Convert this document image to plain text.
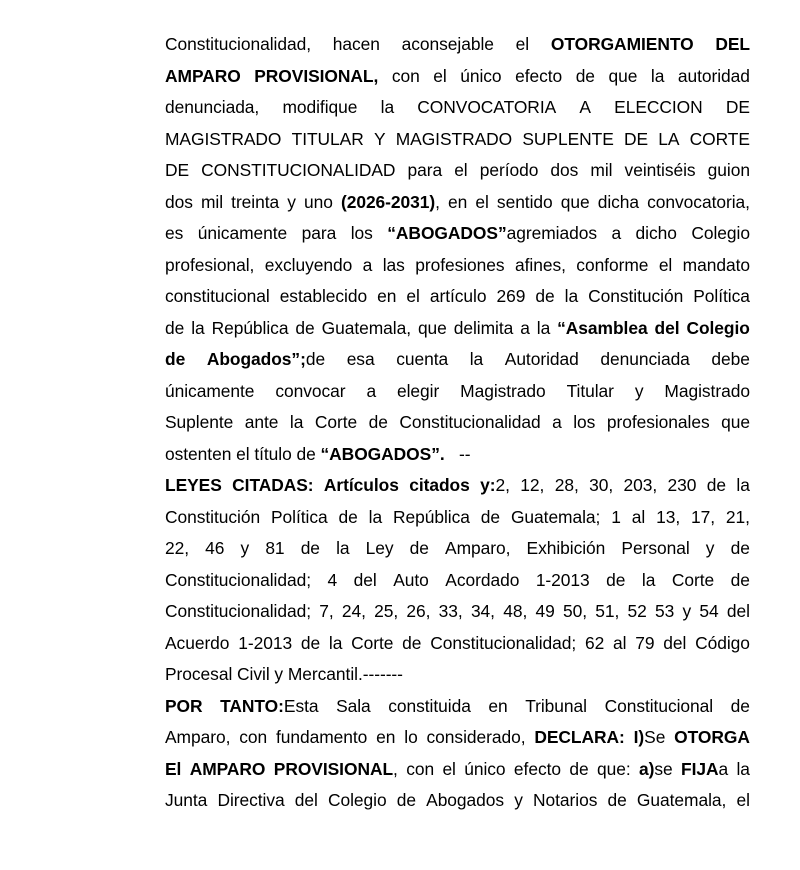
Constitucionalidad, hacen aconsejable el OTORGAMIENTO DEL
AMPARO PROVISIONAL, con el único efecto de que la autoridad
denunciada, modifique la CONVOCATORIA A ELECCION DE
MAGISTRADO TITULAR Y MAGISTRADO SUPLENTE DE LA CORTE
DE CONSTITUCIONALIDAD para el período dos mil veintiséis guion
dos mil treinta y uno (2026-2031), en el sentido que dicha convocatoria,
es únicamente para los “ABOGADOS”agremiados a dicho Colegio
profesional, excluyendo a las profesiones afines, conforme el mandato
constitucional establecido en el artículo 269 de la Constitución Política
de la República de Guatemala, que delimita a la “Asamblea del Colegio
de Abogados”;de esa cuenta la Autoridad denunciada debe
únicamente convocar a elegir Magistrado Titular y Magistrado
Suplente ante la Corte de Constitucionalidad a los profesionales que
ostenten el título de “ABOGADOS”.   --
LEYES CITADAS: Artículos citados y:2, 12, 28, 30, 203, 230 de la
Constitución Política de la República de Guatemala; 1 al 13, 17, 21,
22, 46 y 81 de la Ley de Amparo, Exhibición Personal y de
Constitucionalidad; 4 del Auto Acordado 1-2013 de la Corte de
Constitucionalidad; 7, 24, 25, 26, 33, 34, 48, 49 50, 51, 52 53 y 54 del
Acuerdo 1-2013 de la Corte de Constitucionalidad; 62 al 79 del Código
Procesal Civil y Mercantil.-------
POR TANTO:Esta Sala constituida en Tribunal Constitucional de
Amparo, con fundamento en lo considerado, DECLARA: I)Se OTORGA
El AMPARO PROVISIONAL, con el único efecto de que: a)se FIJAa la
Junta Directiva del Colegio de Abogados y Notarios de Guatemala, el
